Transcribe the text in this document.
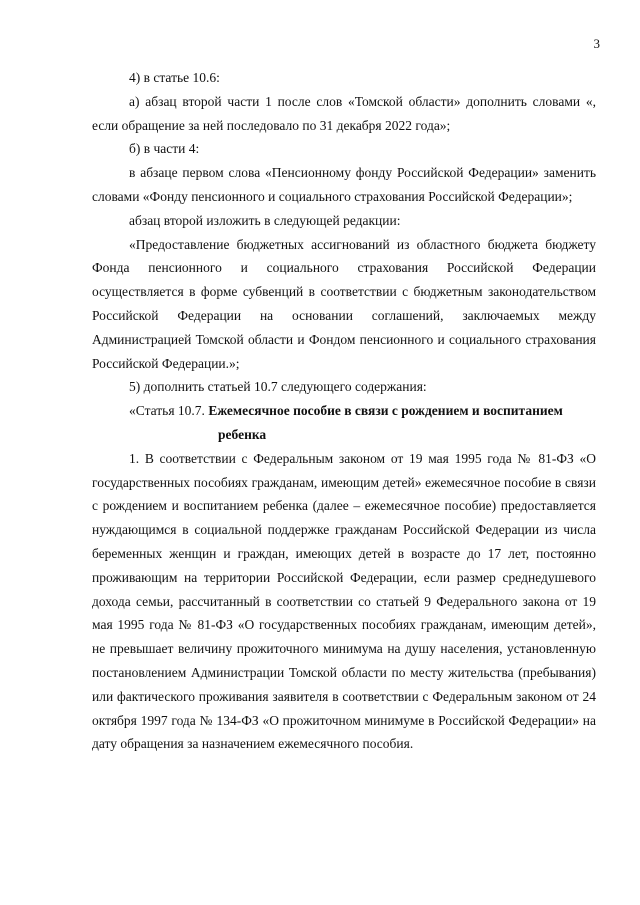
3

4) в статье 10.6:

а) абзац второй части 1 после слов «Томской области» дополнить словами «, если обращение за ней последовало по 31 декабря 2022 года»;

б) в части 4:

в абзаце первом слова «Пенсионному фонду Российской Федерации» заменить словами «Фонду пенсионного и социального страхования Российской Федерации»;

абзац второй изложить в следующей редакции:

«Предоставление бюджетных ассигнований из областного бюджета бюджету Фонда пенсионного и социального страхования Российской Федерации осуществляется в форме субвенций в соответствии с бюджетным законодательством Российской Федерации на основании соглашений, заключаемых между Администрацией Томской области и Фондом пенсионного и социального страхования Российской Федерации.»;

5) дополнить статьей 10.7 следующего содержания:

«Статья 10.7. Ежемесячное пособие в связи с рождением и воспитанием
ребенка

1. В соответствии с Федеральным законом от 19 мая 1995 года № 81-ФЗ «О государственных пособиях гражданам, имеющим детей» ежемесячное пособие в связи с рождением и воспитанием ребенка (далее – ежемесячное пособие) предоставляется нуждающимся в социальной поддержке гражданам Российской Федерации из числа беременных женщин и граждан, имеющих детей в возрасте до 17 лет, постоянно проживающим на территории Российской Федерации, если размер среднедушевого дохода семьи, рассчитанный в соответствии со статьей 9 Федерального закона от 19 мая 1995 года № 81-ФЗ «О государственных пособиях гражданам, имеющим детей», не превышает величину прожиточного минимума на душу населения, установленную постановлением Администрации Томской области по месту жительства (пребывания) или фактического проживания заявителя в соответствии с Федеральным законом от 24 октября 1997 года № 134-ФЗ «О прожиточном минимуме в Российской Федерации» на дату обращения за назначением ежемесячного пособия.
